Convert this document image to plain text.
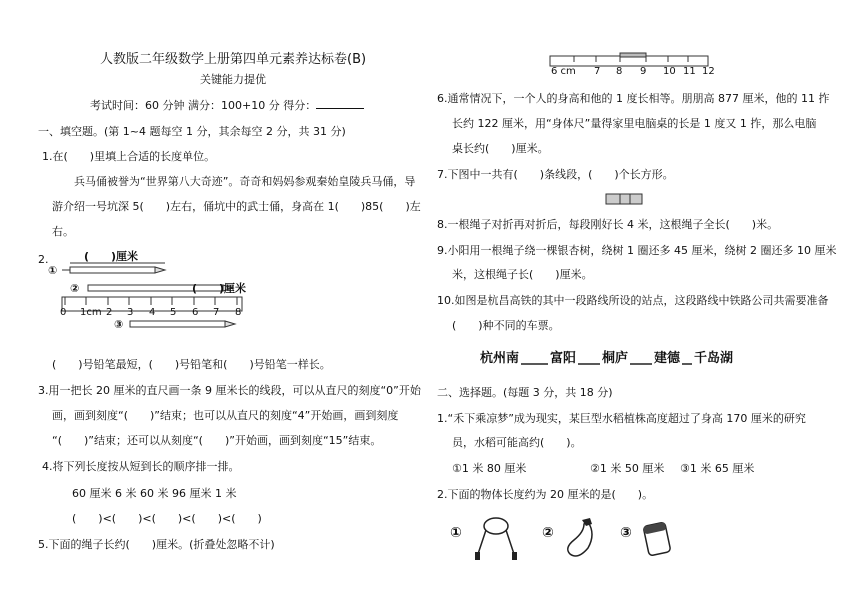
人教版二年级数学上册第四单元素养达标卷(B)
关键能力提优
考试时间：60 分钟 满分：100+10 分 得分：
一、填空题。(第 1~4 题每空 1 分，其余每空 2 分，共 31 分)
1.在(　　)里填上合适的长度单位。
兵马俑被誉为“世界第八大奇迹”。奇奇和妈妈参观秦始皇陵兵马俑，导
游介绍一号坑深 5(　　)左右，俑坑中的武士俑，身高在 1(　　)85(　　)左
右。
2.
①
(　　)厘米
②	(　　)厘米
0 1cm 2 3 4 5 6 7 8
③
(　　)号铅笔最短，(　　)号铅笔和(　　)号铅笔一样长。
3.用一把长 20 厘米的直尺画一条 9 厘米长的线段，可以从直尺的刻度“0”开始
画，画到刻度“(　　)”结束；也可以从直尺的刻度“4”开始画，画到刻度
“(　　)”结束；还可以从刻度“(　　)”开始画，画到刻度“15”结束。
4.将下列长度按从短到长的顺序排一排。
60 厘米 6 米 60 米 96 厘米 1 米
(　　)<(　　)<(　　)<(　　)<(　　)
5.下面的绳子长约(　　)厘米。(折叠处忽略不计)
6 cm 7 8 9 10 11 12
6.通常情况下，一个人的身高和他的 1 度长相等。朋朋高 877 厘米，他的 11 拃
长约 122 厘米，用“身体尺”量得家里电脑桌的长是 1 度又 1 拃，那么电脑
桌长约(　　)厘米。
7.下图中一共有(　　)条线段，(　　)个长方形。
8.一根绳子对折再对折后，每段刚好长 4 米，这根绳子全长(　　)米。
9.小阳用一根绳子绕一棵银杏树，绕树 1 圈还多 45 厘米，绕树 2 圈还多 10 厘米
米，这根绳子长(　　)厘米。
10.如图是杭昌高铁的其中一段路线所设的站点，这段路线中铁路公司共需要准备
(　　)种不同的车票。
杭州南 富阳 桐庐 建德 千岛湖
二、选择题。(每题 3 分，共 18 分)
1.“禾下乘凉梦”成为现实，某巨型水稻植株高度超过了身高 170 厘米的研究
员，水稻可能高约(　　)。
①1 米 80 厘米	②1 米 50 厘米 ③1 米 65 厘米
2.下面的物体长度约为 20 厘米的是(　　)。
①	②	③
